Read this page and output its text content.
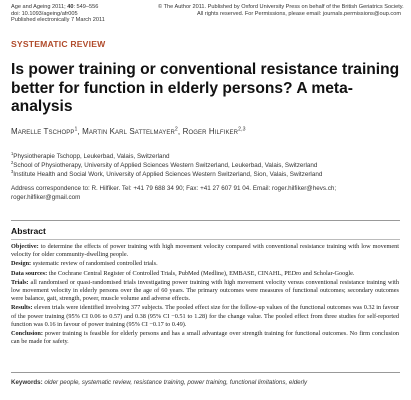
Age and Ageing 2011; 40: 549–556
doi: 10.1093/ageing/afr005
Published electronically 7 March 2011
© The Author 2011. Published by Oxford University Press on behalf of the British Geriatrics Society.
All rights reserved. For Permissions, please email: journals.permissions@oup.com
SYSTEMATIC REVIEW
Is power training or conventional resistance training better for function in elderly persons? A meta-analysis
Marelle Tschopp$^1$, Martin Karl Sattelmayer$^2$, Roger Hilfiker$^{2,3}$
$^1$Physiotherapie Tschopp, Leukerbad, Valais, Switzerland
$^2$School of Physiotherapy, University of Applied Sciences Western Switzerland, Leukerbad, Valais, Switzerland
$^3$Institute Health and Social Work, University of Applied Sciences Western Switzerland, Sion, Valais, Switzerland
Address correspondence to: R. Hilfiker. Tel: +41 79 688 34 90; Fax: +41 27 607 91 04. Email: roger.hilfiker@hevs.ch;
roger.hilfiker@gmail.com
Abstract

Objective: to determine the effects of power training with high movement velocity compared with conventional resistance training with low movement velocity for older community-dwelling people.

Design: systematic review of randomised controlled trials.

Data sources: the Cochrane Central Register of Controlled Trials, PubMed (Medline), EMBASE, CINAHL, PEDro and Scholar-Google.

Trials: all randomised or quasi-randomised trials investigating power training with high movement velocity versus conventional resistance training with low movement velocity in elderly persons over the age of 60 years. The primary outcomes were measures of functional outcomes; secondary outcomes were balance, gait, strength, power, muscle volume and adverse effects.

Results: eleven trials were identified involving 377 subjects. The pooled effect size for the follow-up values of the functional outcomes was 0.32 in favour of the power training (95% CI 0.06 to 0.57) and 0.38 (95% CI −0.51 to 1.28) for the change value. The pooled effect from three studies for self-reported function was 0.16 in favour of power training (95% CI −0.17 to 0.49).

Conclusion: power training is feasible for elderly persons and has a small advantage over strength training for functional outcomes. No firm conclusion can be made for safety.

Keywords: older people, systematic review, resistance training, power training, functional limitations, elderly
